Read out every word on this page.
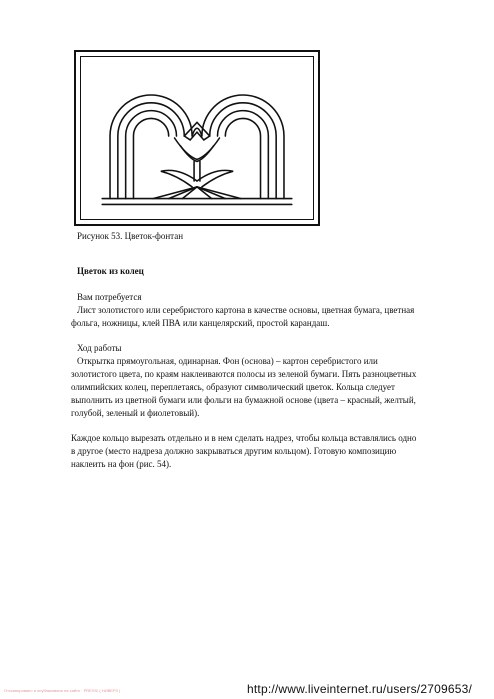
Рисунок 53. Цветок-фонтан
Цветок из колец
Вам потребуется
Лист золотистого или серебристого картона в качестве основы, цветная бумага, цветная фольга, ножницы, клей ПВА или канцелярский, простой карандаш.
Ход работы
Открытка прямоугольная, одинарная. Фон (основа) – картон серебристого или золотистого цвета, по краям наклеиваются полосы из зеленой бумаги. Пять разноцветных олимпийских колец, переплетаясь, образуют символический цветок. Кольца следует выполнить из цветной бумаги или фольги на бумажной основе (цвета – красный, желтый, голубой, зеленый и фиолетовый).
Каждое кольцо вырезать отдельно и в нем сделать надрез, чтобы кольца вставлялись одно в другое (место надреза должно закрываться другим кольцом). Готовую композицию наклеить на фон (рис. 54).
Отсканировано и опубликовано на сайте · PRESS\ ( НИВЕРЗ )	http://www.liveinternet.ru/users/2709653/
